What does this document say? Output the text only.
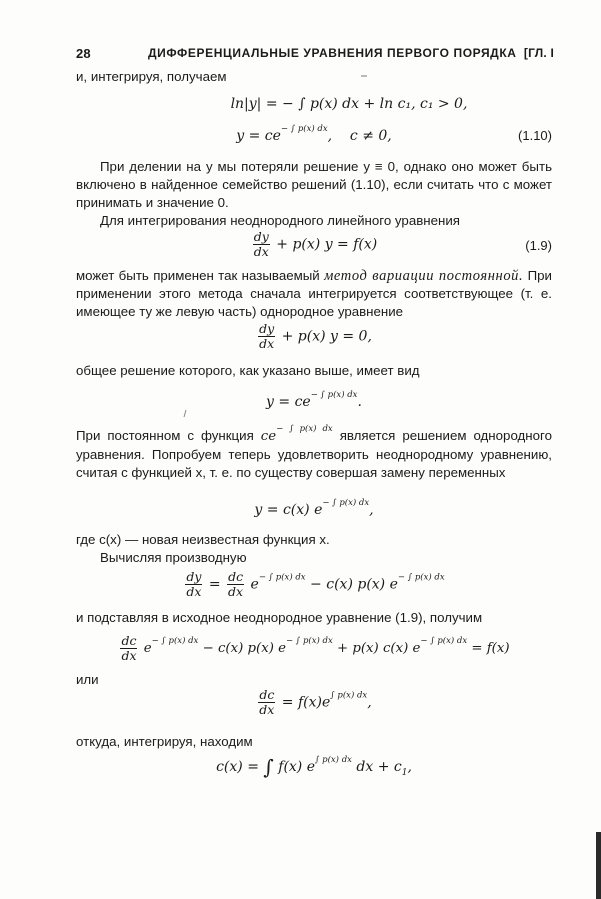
28	ДИФФЕРЕНЦИАЛЬНЫЕ УРАВНЕНИЯ ПЕРВОГО ПОРЯДКА [ГЛ. I
и, интегрируя, получаем
ln|y| = − ∫ p(x) dx + ln c₁, c₁ > 0,
$y = ce^{- \int p(x) dx}$,    c ≠ 0,	(1.10)
При делении на y мы потеряли решение y ≡ 0, однако оно может быть включено в найденное семейство решений (1.10), если считать что c может принимать и значение 0.
Для интегрирования неоднородного линейного уравнения
$\frac{dy}{dx} + p(x) y = f(x)$	(1.9)
может быть применен так называемый метод вариации постоянной. При применении этого метода сначала интегрируется соответствующее (т. е. имеющее ту же левую часть) однородное уравнение
$\frac{dy}{dx} + p(x) y = 0$,
общее решение которого, как указано выше, имеет вид
$y = ce^{- \int p(x) dx}$.
При постоянном c функция $ce^{- \int p(x) dx}$ является решением однородного уравнения. Попробуем теперь удовлетворить неоднородному уравнению, считая c функцией x, т. е. по существу совершая замену переменных
y = c(x) $e^{- \int p(x) dx}$,
где c(x) — новая неизвестная функция x.
Вычисляя производную
$\frac{dy}{dx} = \frac{dc}{dx} e^{- \int p(x) dx} - c(x)$ p(x) $e^{- \int p(x) dx}$
и подставляя в исходное неоднородное уравнение (1.9), получим
$\frac{dc}{dx} e^{- \int p(x) dx} - c(x)$ p(x) $e^{- \int p(x) dx} + p(x)$ c(x) $e^{- \int p(x) dx} = f(x)$
или
$\frac{dc}{dx} = f(x)e^{\int p(x) dx}$,
откуда, интегрируя, находим
c(x) = ∫ f(x) $e^{\int p(x) dx}$ dx + $c_1$,
